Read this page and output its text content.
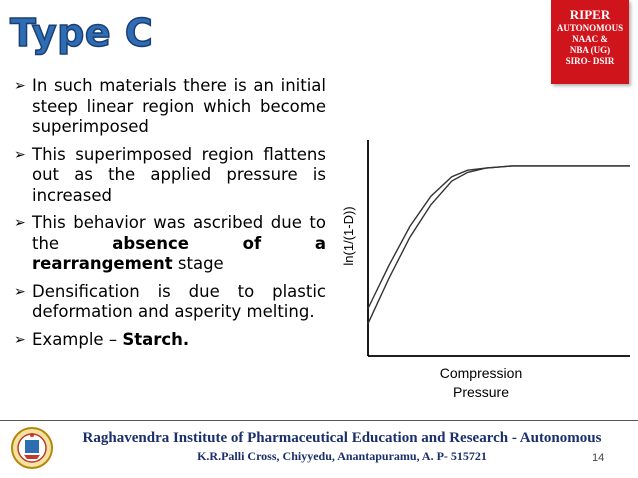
Type C	RIPER
AUTONOMOUS
NAAC &
NBA (UG)
SIRO- DSIR
➢ In such materials there is an initial steep linear region which become superimposed
➢ This superimposed region flattens out as the applied pressure is increased
➢ This behavior was ascribed due to the absence of a rearrangement stage
➢ Densification is due to plastic deformation and asperity melting.
➢ Example – Starch.
ln(1/(1-D))
Compression
Pressure
Raghavendra Institute of Pharmaceutical Education and Research - Autonomous
K.R.Palli Cross, Chiyyedu, Anantapuramu, A. P- 515721	14
